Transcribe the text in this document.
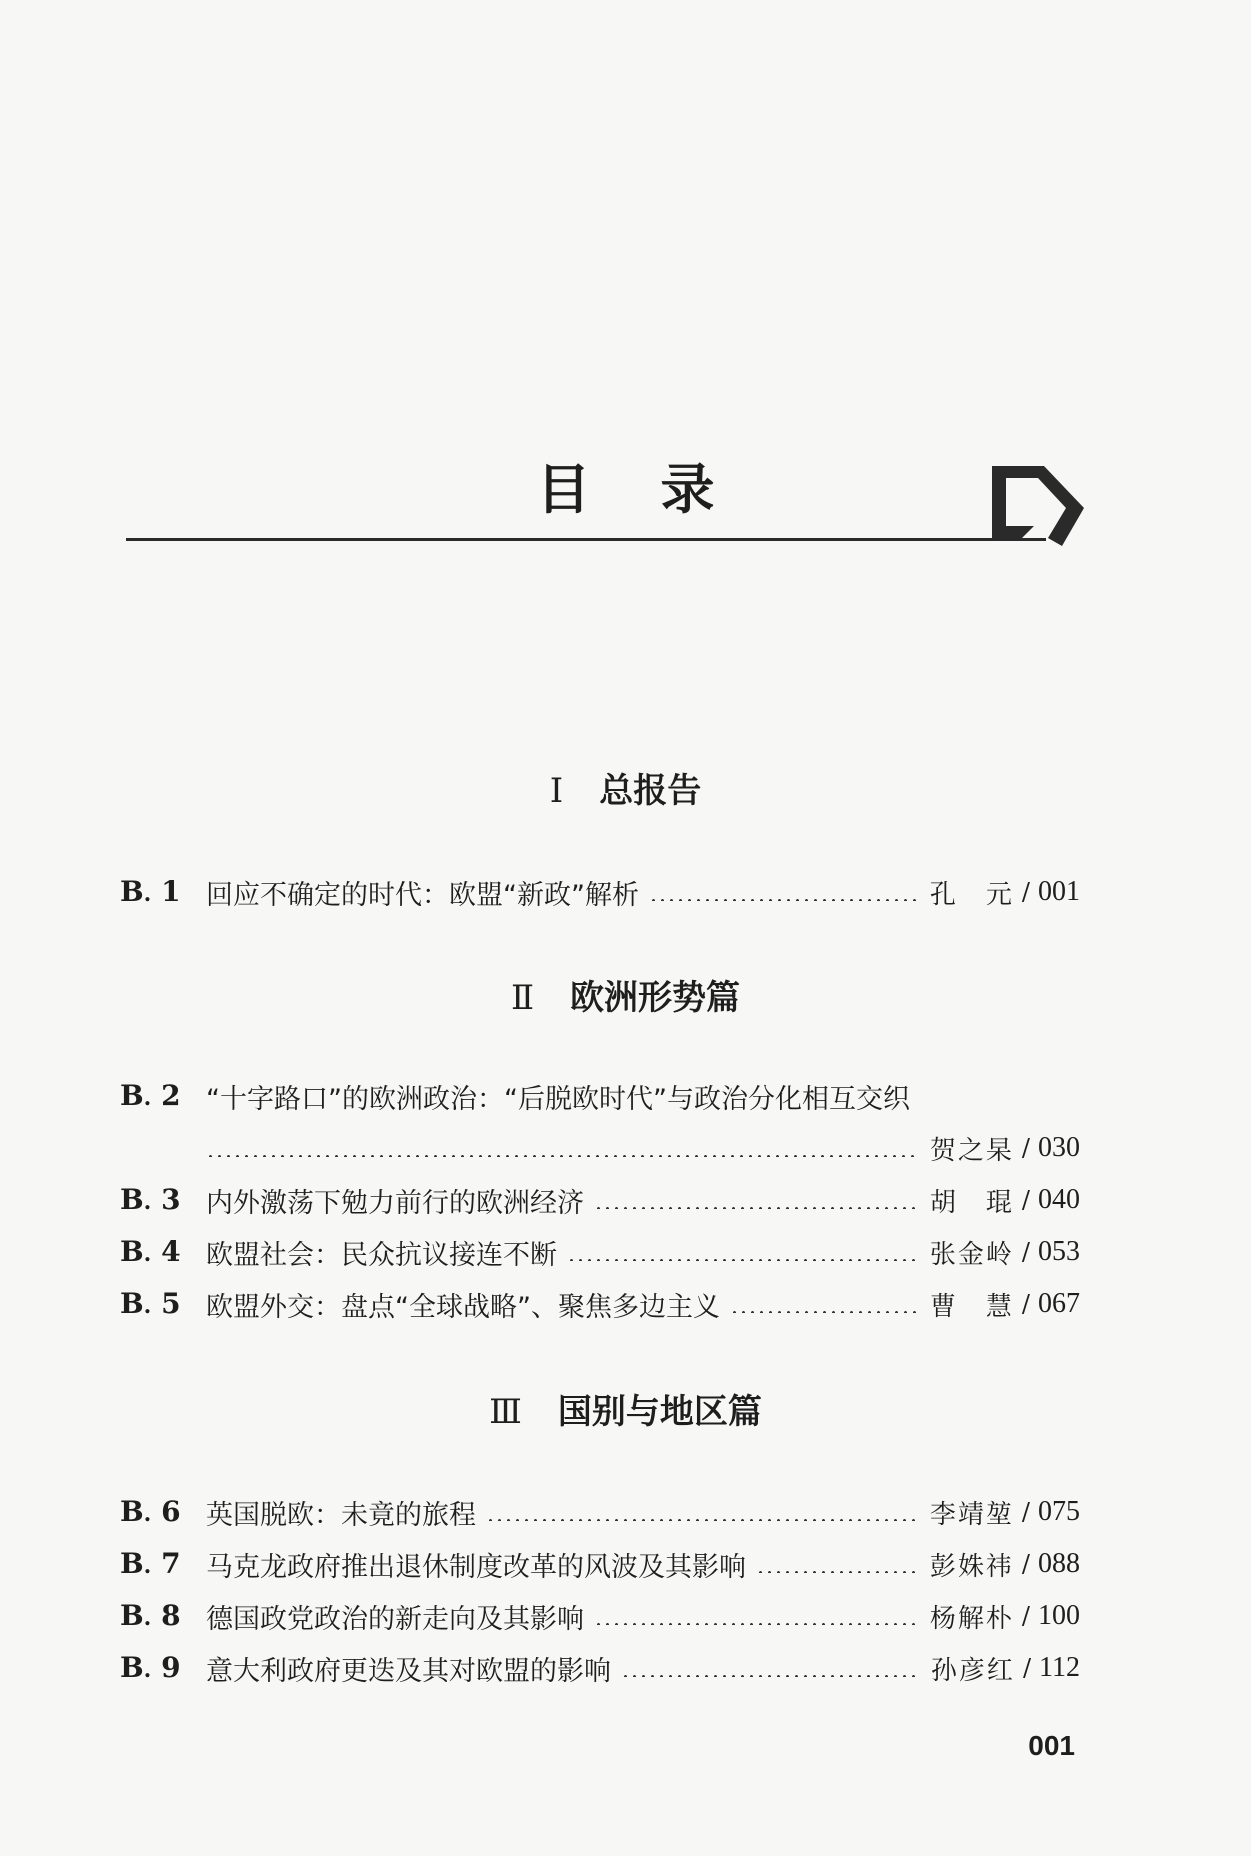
目录
Ⅰ 总报告
B. 1 回应不确定的时代：欧盟“新政”解析	孔　元 / 001
Ⅱ 欧洲形势篇
B. 2 “十字路口”的欧洲政治：“后脱欧时代”与政治分化相互交织
贺之杲 / 030
B. 3 内外激荡下勉力前行的欧洲经济	胡　琨 / 040
B. 4 欧盟社会：民众抗议接连不断	张金岭 / 053
B. 5 欧盟外交：盘点“全球战略”、聚焦多边主义	曹　慧 / 067
Ⅲ 国别与地区篇
B. 6 英国脱欧：未竟的旅程	李靖堃 / 075
B. 7 马克龙政府推出退休制度改革的风波及其影响	彭姝祎 / 088
B. 8 德国政党政治的新走向及其影响	杨解朴 / 100
B. 9 意大利政府更迭及其对欧盟的影响	孙彦红 / 112
001
